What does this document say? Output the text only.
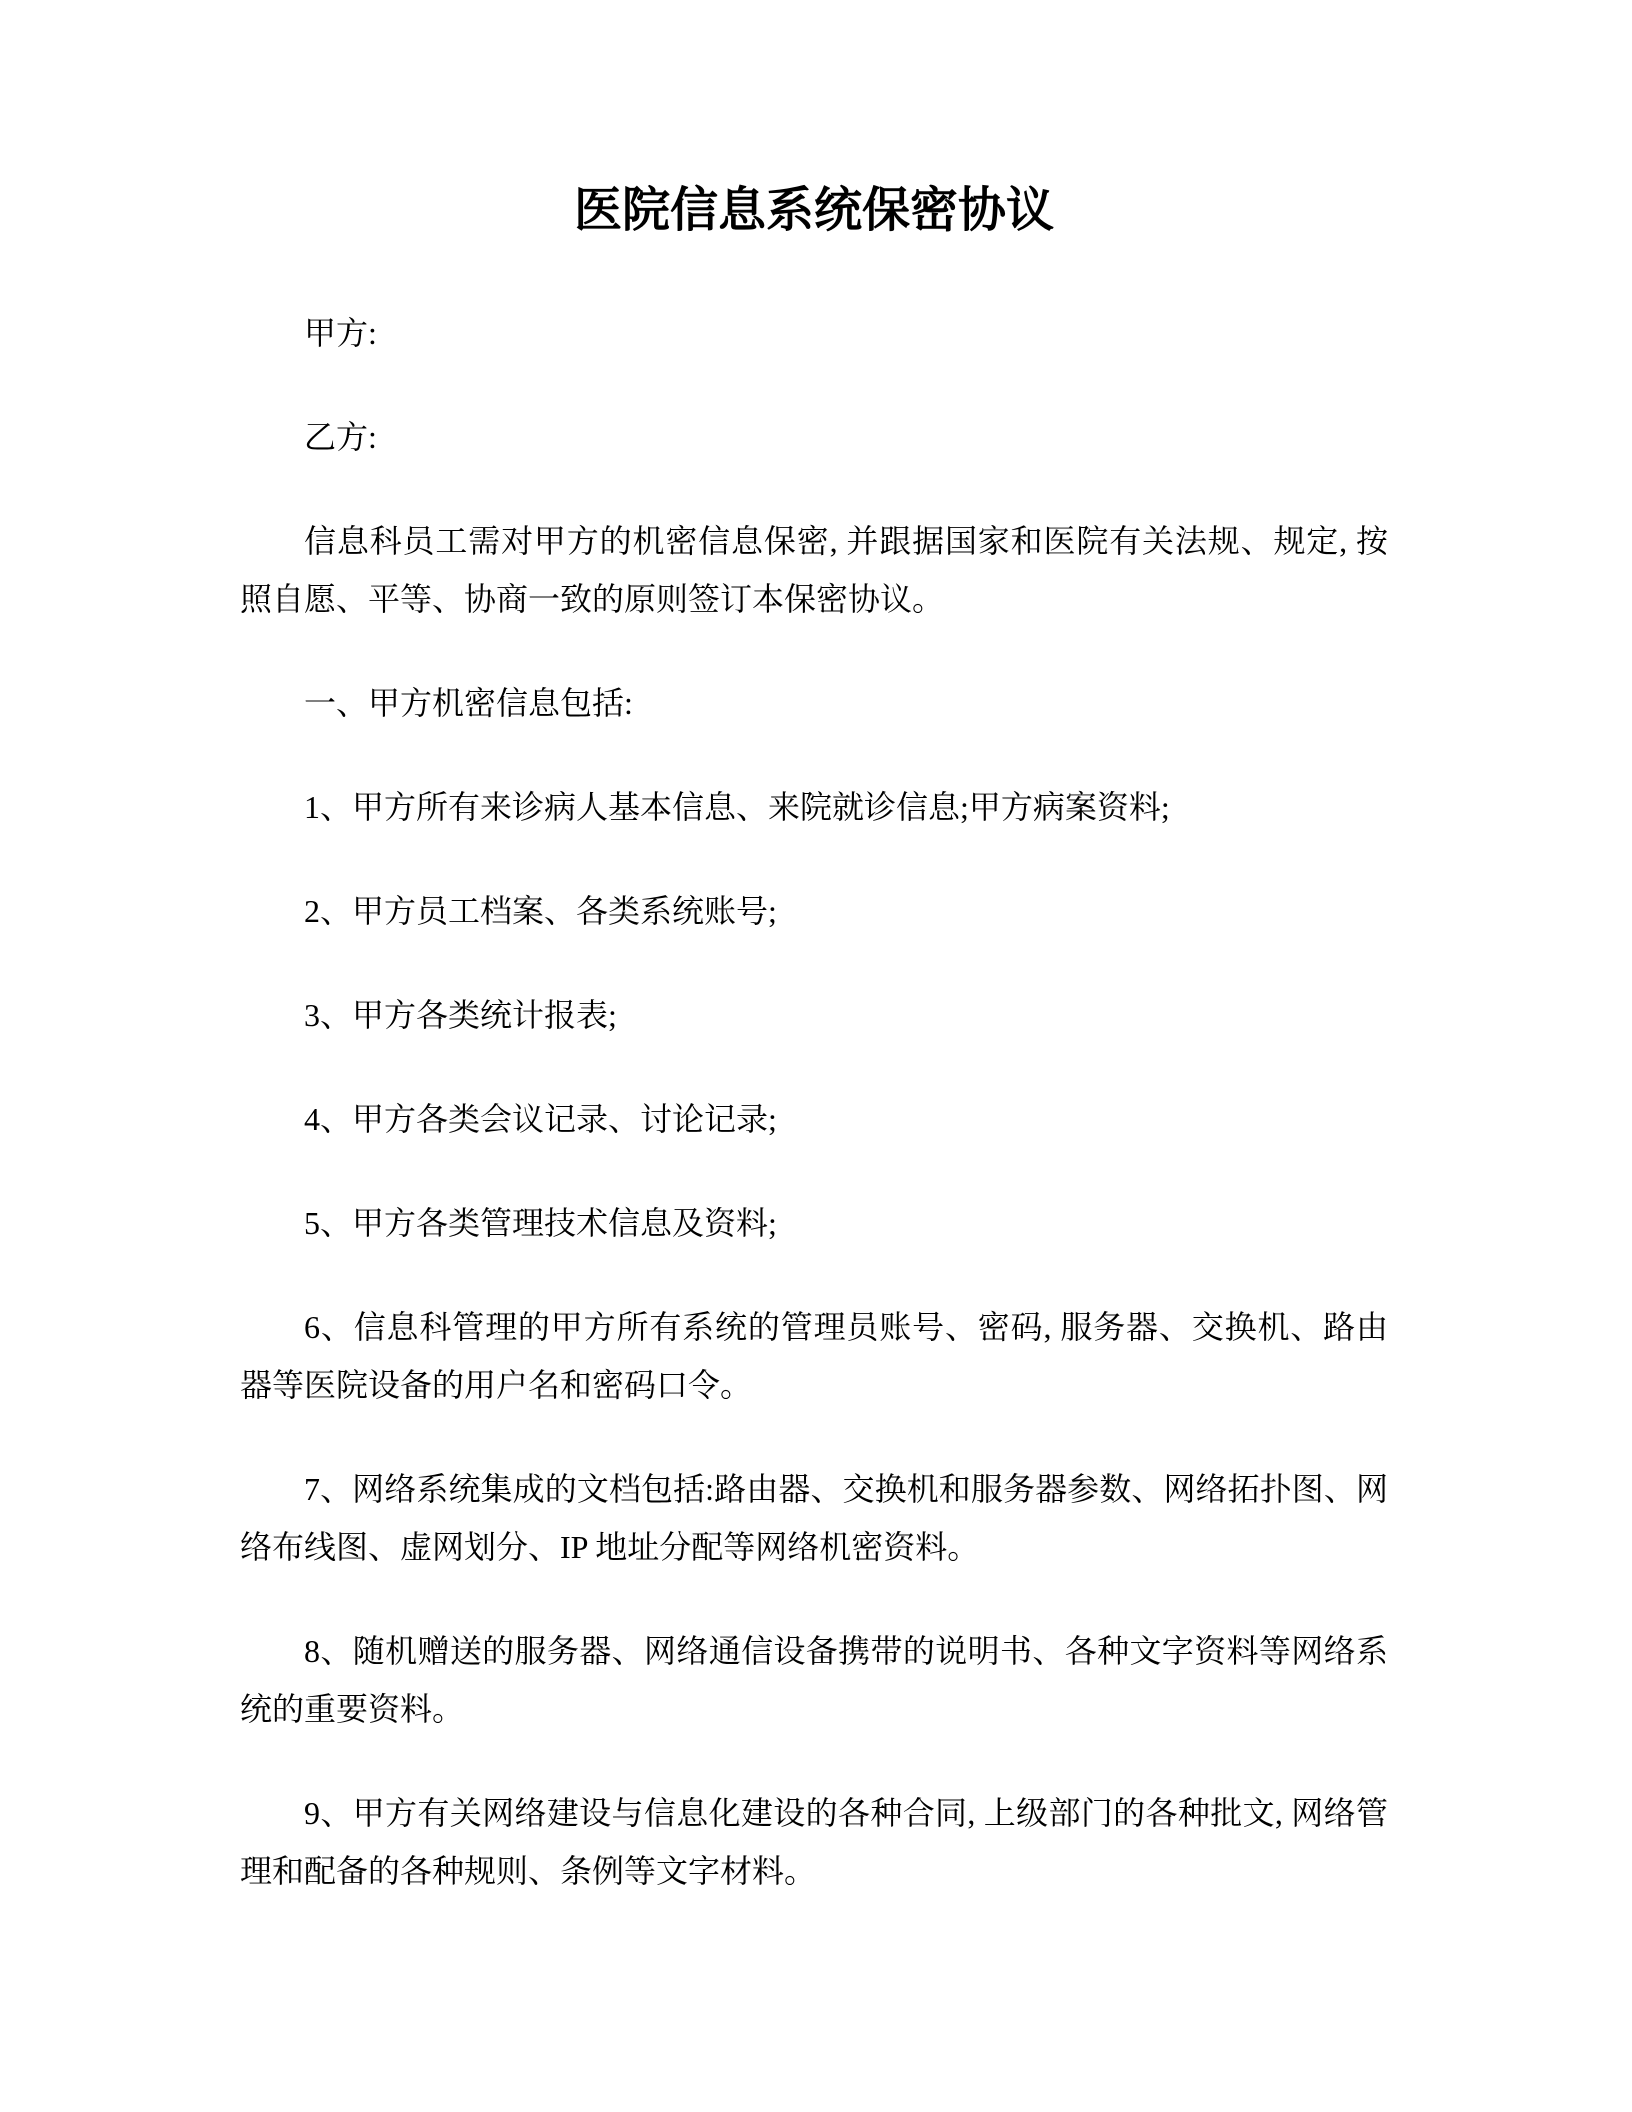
医院信息系统保密协议

甲方:

乙方:

信息科员工需对甲方的机密信息保密, 并跟据国家和医院有关法规、规定, 按照自愿、平等、协商一致的原则签订本保密协议。

一、甲方机密信息包括:

1、甲方所有来诊病人基本信息、来院就诊信息;甲方病案资料;

2、甲方员工档案、各类系统账号;

3、甲方各类统计报表;

4、甲方各类会议记录、讨论记录;

5、甲方各类管理技术信息及资料;

6、信息科管理的甲方所有系统的管理员账号、密码, 服务器、交换机、路由器等医院设备的用户名和密码口令。

7、网络系统集成的文档包括:路由器、交换机和服务器参数、网络拓扑图、网络布线图、虚网划分、IP 地址分配等网络机密资料。

8、随机赠送的服务器、网络通信设备携带的说明书、各种文字资料等网络系统的重要资料。

9、甲方有关网络建设与信息化建设的各种合同, 上级部门的各种批文, 网络管理和配备的各种规则、条例等文字材料。
